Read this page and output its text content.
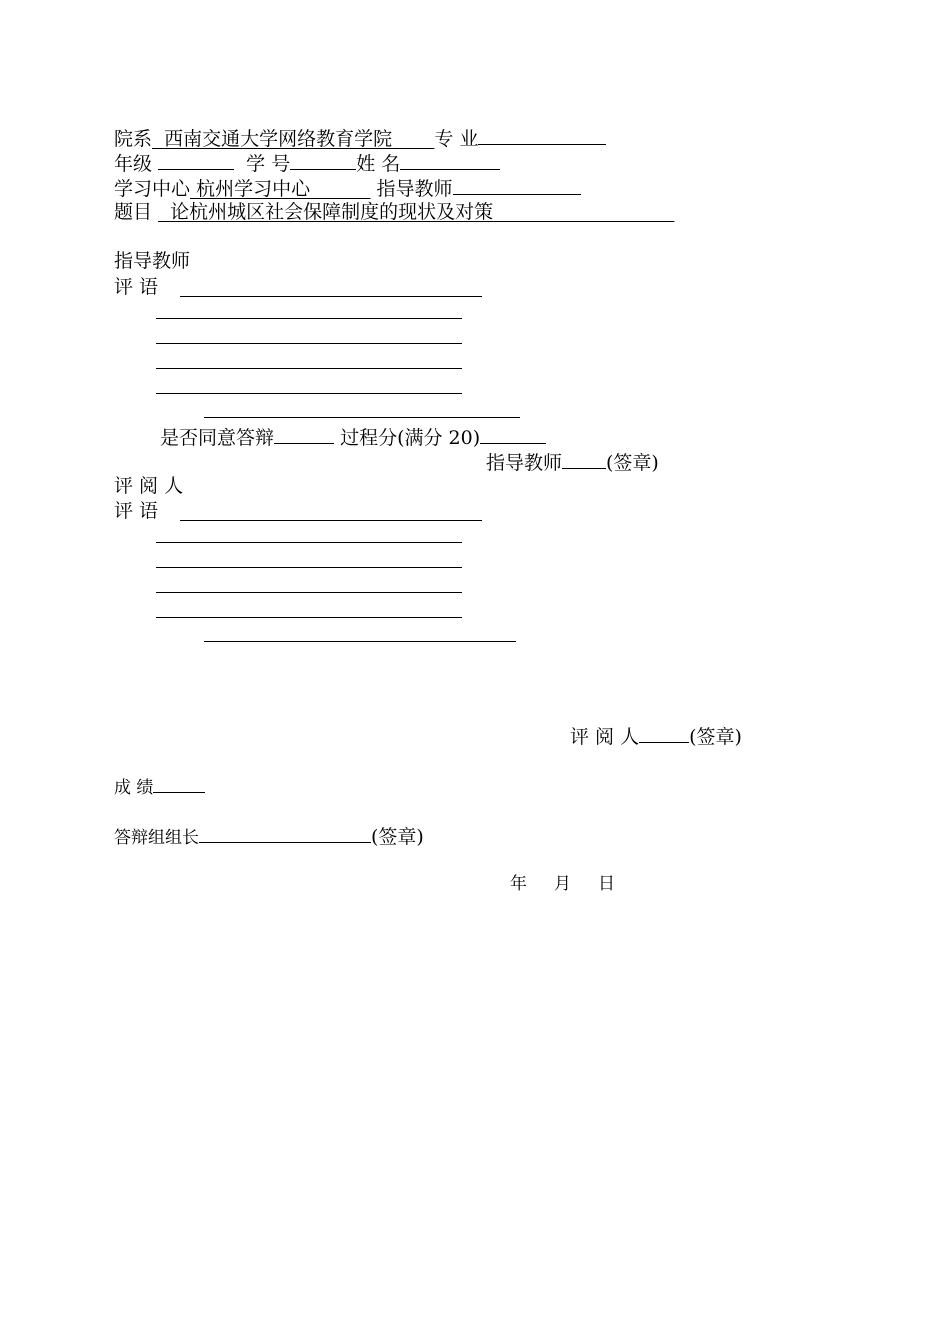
院系 西南交通大学网络教育学院 专 业
年级	学 号	姓 名
学习中心 杭州学习中心	指导教师
题目 论杭州城区社会保障制度的现状及对策
指导教师
评 语
是否同意答辩	过程分(满分 20)
指导教师 (签章)
评 阅 人
评 语
评 阅 人	(签章)
成 绩
答辩组组长	(签章)
年     月     日
